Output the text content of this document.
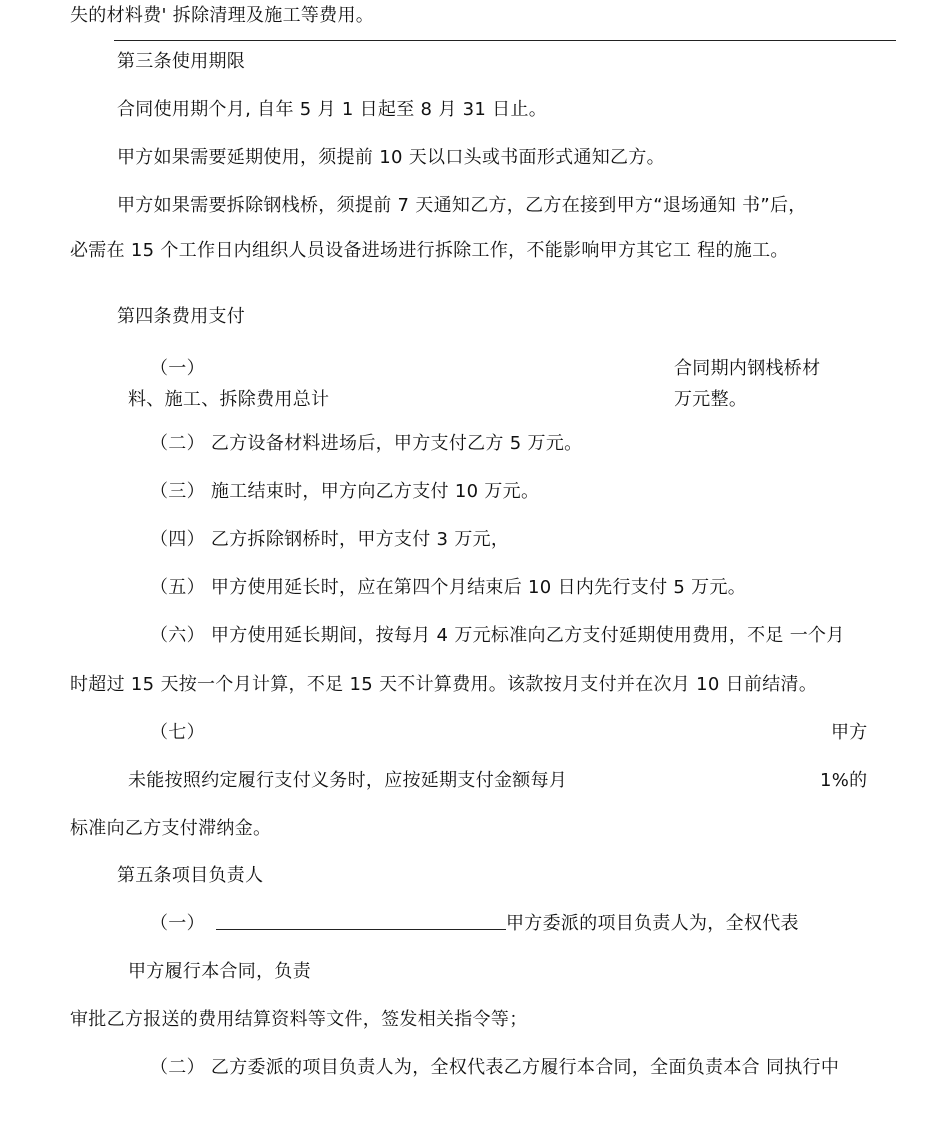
失的材料费' 拆除清理及施工等费用。
第三条使用期限
合同使用期个月, 自年 5 月 1 日起至 8 月 31 日止。
甲方如果需要延期使用，须提前 10 天以口头或书面形式通知乙方。
甲方如果需要拆除钢栈桥，须提前 7 天通知乙方，乙方在接到甲方“退场通知 书”后，
必需在 15 个工作日内组织人员设备进场进行拆除工作，不能影响甲方其它工 程的施工。
第四条费用支付
（一）	合同期内钢栈桥材
料、施工、拆除费用总计	万元整。
（二） 乙方设备材料进场后，甲方支付乙方 5 万元。
（三） 施工结束时，甲方向乙方支付 10 万元。
（四） 乙方拆除钢桥时，甲方支付 3 万元，
（五） 甲方使用延长时，应在第四个月结束后 10 日内先行支付 5 万元。
（六） 甲方使用延长期间，按每月 4 万元标准向乙方支付延期使用费用，不足 一个月
时超过 15 天按一个月计算，不足 15 天不计算费用。该款按月支付并在次月 10 日前结清。
（七）	甲方
未能按照约定履行支付义务时，应按延期支付金额每月	1%的
标准向乙方支付滞纳金。
第五条项目负责人
（一）	甲方委派的项目负责人为，全权代表
甲方履行本合同，负责
审批乙方报送的费用结算资料等文件，签发相关指令等；
（二） 乙方委派的项目负责人为，全权代表乙方履行本合同，全面负责本合 同执行中
